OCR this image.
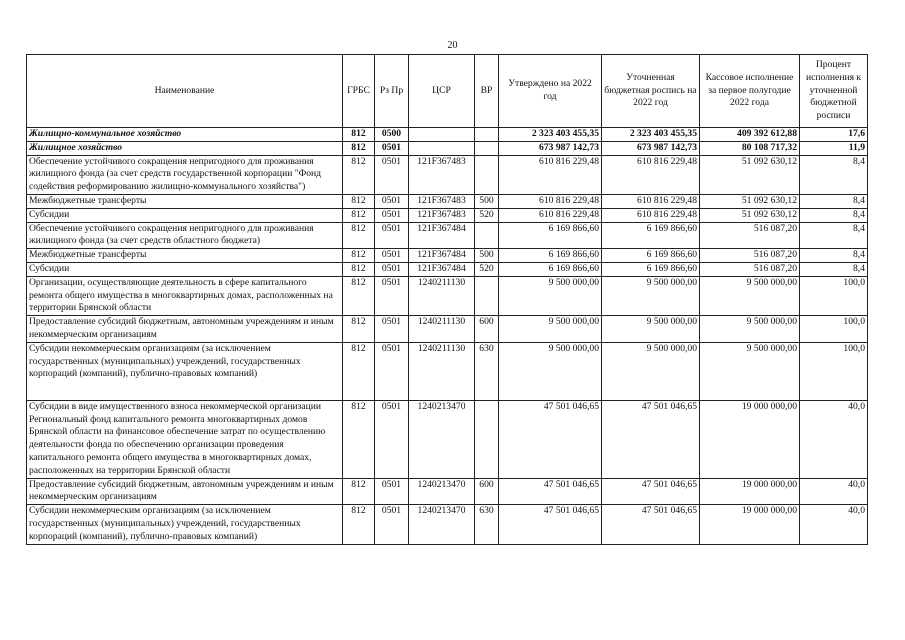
20
Наименование	ГРБС	Рз Пр	ЦСР	ВР	Утверждено на 2022 год	Уточненная бюджетная роспись на 2022 год	Кассовое исполнение за первое полугодие 2022 года	Процент исполнения к уточненной бюджетной росписи
Жилищно-коммунальное хозяйство	812	0500			2 323 403 455,35	2 323 403 455,35	409 392 612,88	17,6
Жилищное хозяйство	812	0501			673 987 142,73	673 987 142,73	80 108 717,32	11,9
Обеспечение устойчивого сокращения непригодного для проживания жилищного фонда (за счет средств государственной корпорации "Фонд содействия реформированию жилищно-коммунального хозяйства")	812	0501	121F367483		610 816 229,48	610 816 229,48	51 092 630,12	8,4
Межбюджетные трансферты	812	0501	121F367483	500	610 816 229,48	610 816 229,48	51 092 630,12	8,4
Субсидии	812	0501	121F367483	520	610 816 229,48	610 816 229,48	51 092 630,12	8,4
Обеспечение устойчивого сокращения непригодного для проживания жилищного фонда (за счет средств областного бюджета)	812	0501	121F367484		6 169 866,60	6 169 866,60	516 087,20	8,4
Межбюджетные трансферты	812	0501	121F367484	500	6 169 866,60	6 169 866,60	516 087,20	8,4
Субсидии	812	0501	121F367484	520	6 169 866,60	6 169 866,60	516 087,20	8,4
Организации, осуществляющие деятельность в сфере капитального ремонта общего имущества в многоквартирных домах, расположенных на территории Брянской области	812	0501	1240211130		9 500 000,00	9 500 000,00	9 500 000,00	100,0
Предоставление субсидий бюджетным, автономным учреждениям и иным некоммерческим организациям	812	0501	1240211130	600	9 500 000,00	9 500 000,00	9 500 000,00	100,0
Субсидии некоммерческим организациям (за исключением государственных (муниципальных) учреждений, государственных корпораций (компаний), публично-правовых компаний)	812	0501	1240211130	630	9 500 000,00	9 500 000,00	9 500 000,00	100,0
Субсидии в виде имущественного взноса некоммерческой организации Региональный фонд капитального ремонта многоквартирных домов Брянской области на финансовое обеспечение затрат по осуществлению деятельности фонда по обеспечению организации проведения капитального ремонта общего имущества в многоквартирных домах, расположенных на территории Брянской области	812	0501	1240213470		47 501 046,65	47 501 046,65	19 000 000,00	40,0
Предоставление субсидий бюджетным, автономным учреждениям и иным некоммерческим организациям	812	0501	1240213470	600	47 501 046,65	47 501 046,65	19 000 000,00	40,0
Субсидии некоммерческим организациям (за исключением государственных (муниципальных) учреждений, государственных корпораций (компаний), публично-правовых компаний)	812	0501	1240213470	630	47 501 046,65	47 501 046,65	19 000 000,00	40,0
